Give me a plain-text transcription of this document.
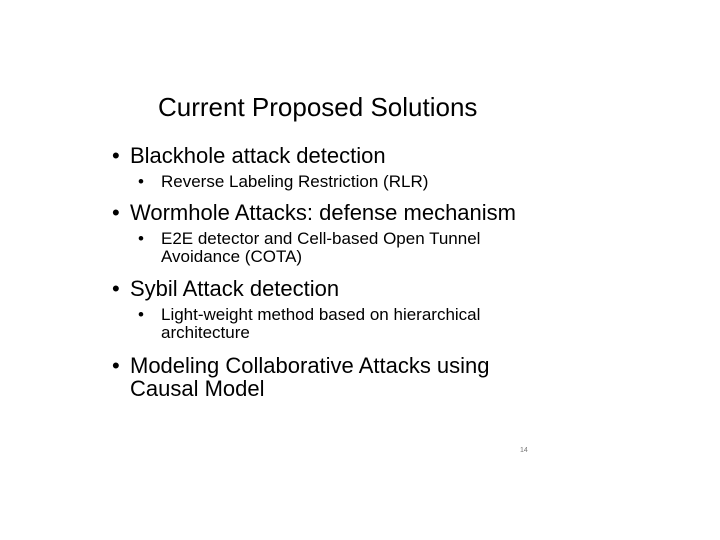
Current Proposed Solutions
• Blackhole attack detection
• Reverse Labeling Restriction (RLR)
• Wormhole Attacks: defense mechanism
• E2E detector and Cell-based Open Tunnel Avoidance (COTA)
• Sybil Attack detection
• Light-weight method based on hierarchical architecture
• Modeling Collaborative Attacks using Causal Model
14
